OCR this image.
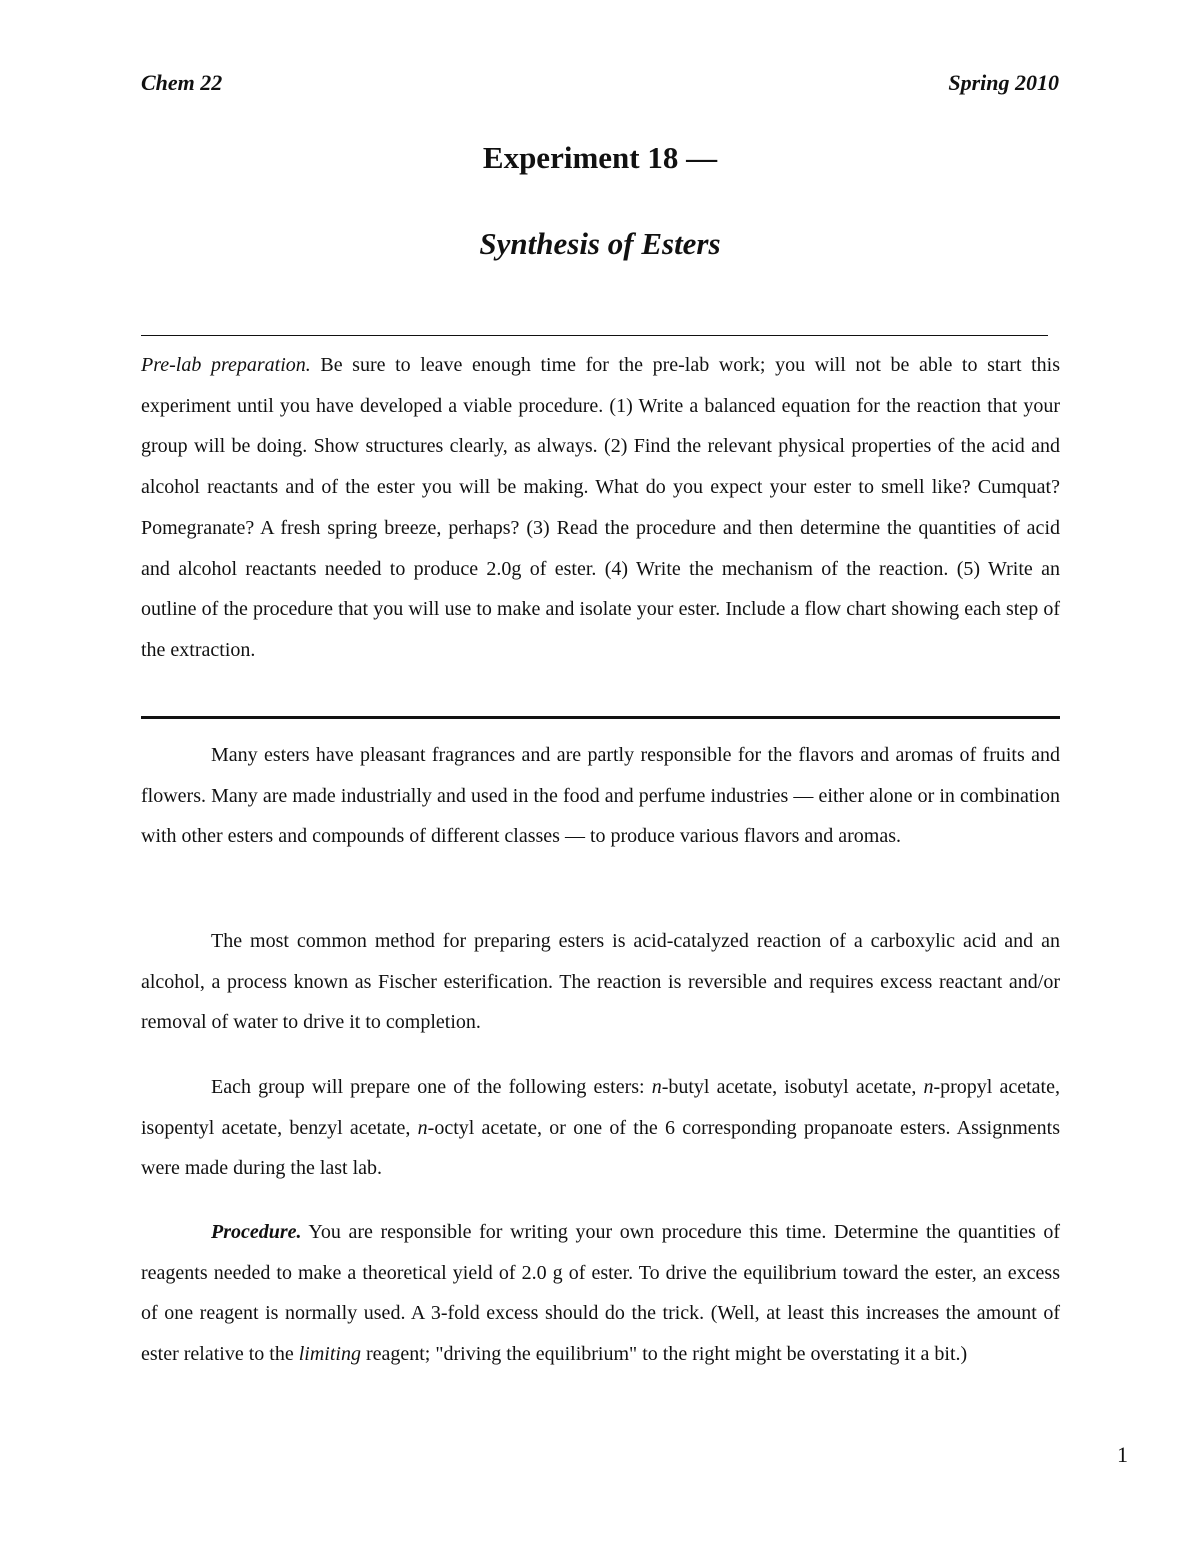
Chem 22	Spring 2010
Experiment 18 —
Synthesis of Esters

Pre-lab preparation. Be sure to leave enough time for the pre-lab work; you will not be able to start this experiment until you have developed a viable procedure. (1) Write a balanced equation for the reaction that your group will be doing. Show structures clearly, as always. (2) Find the relevant physical properties of the acid and alcohol reactants and of the ester you will be making. What do you expect your ester to smell like? Cumquat? Pomegranate? A fresh spring breeze, perhaps? (3) Read the procedure and then determine the quantities of acid and alcohol reactants needed to produce 2.0g of ester. (4) Write the mechanism of the reaction. (5) Write an outline of the procedure that you will use to make and isolate your ester. Include a flow chart showing each step of the extraction.

Many esters have pleasant fragrances and are partly responsible for the flavors and aromas of fruits and flowers. Many are made industrially and used in the food and perfume industries — either alone or in combination with other esters and compounds of different classes — to produce various flavors and aromas.

The most common method for preparing esters is acid-catalyzed reaction of a carboxylic acid and an alcohol, a process known as Fischer esterification. The reaction is reversible and requires excess reactant and/or removal of water to drive it to completion.

Each group will prepare one of the following esters: n-butyl acetate, isobutyl acetate, n-propyl acetate, isopentyl acetate, benzyl acetate, n-octyl acetate, or one of the 6 corresponding propanoate esters. Assignments were made during the last lab.

Procedure. You are responsible for writing your own procedure this time. Determine the quantities of reagents needed to make a theoretical yield of 2.0 g of ester. To drive the equilibrium toward the ester, an excess of one reagent is normally used. A 3-fold excess should do the trick. (Well, at least this increases the amount of ester relative to the limiting reagent; "driving the equilibrium" to the right might be overstating it a bit.)

1
